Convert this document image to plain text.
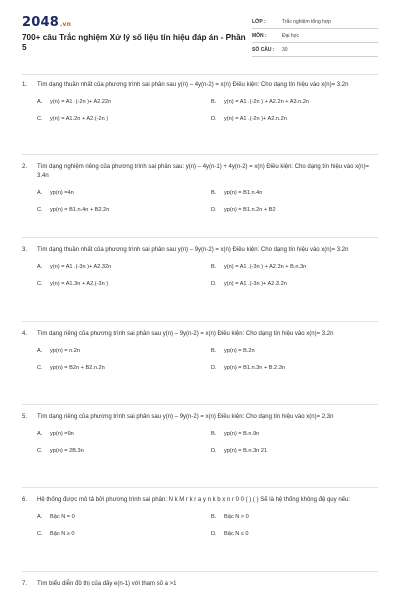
2048.vn
700+ câu Trắc nghiệm Xử lý số liệu tín hiệu đáp án - Phần 5
LỚP :	Trắc nghiệm tổng hợp
MÔN :	Đại học
SỐ CÂU :	30
1.	Tìm dạng thuần nhất của phương trình sai phân sau y(n) – 4y(n-2) = x(n) Điều kiện: Cho dạng tín hiệu vào x(n)= 3.2n
A.	y(n) = A1 .(-2n )+ A2.22n	B.	y(n) = A1 .(-2n ) + A2.2n + A3.n.2n
C.	y(n) = A1.2n + A2.(-2n )	D.	y(n) = A1 .(-2n )+ A2.n.2n
2.	Tìm dạng nghiệm riêng của phương trình sai phân sau: y(n) – 4y(n-1) + 4y(n-2) = x(n) Điều kiện: Cho dạng tín hiệu vào x(n)= 3.4n
A.	yp(n) =4n	B.	yp(n) = B1.n.4n
C.	yp(n) = B1.n.4n + B2.2n	D.	yp(n) = B1.n.2n + B2
3.	Tìm dạng thuần nhất của phương trình sai phân sau y(n) – 9y(n-2) = x(n) Điều kiện: Cho dạng tín hiệu vào x(n)= 3.2n
A.	y(n) = A1 .(-3n )+ A2.32n	B.	y(n) = A1 .(-3n ) + A2.3n + B.n.3n
C.	y(n) = A1.3n + A2.(-3n )	D.	y(n) = A1 .(-3n )+ A2.3.2n
4.	Tìm dạng riêng của phương trình sai phân sau y(n) – 9y(n-2) = x(n) Điều kiện: Cho dạng tín hiệu vào x(n)= 3.2n
A.	yp(n) = n.2n	B.	yp(n) = B.2n
C.	yp(n) = B2n + B2.n.2n	D.	yp(n) = B1.n.3n + B.2.3n
5.	Tìm dạng riêng của phương trình sai phân sau y(n) – 9y(n-2) = x(n) Điều kiện: Cho dạng tín hiệu vào x(n)= 2.3n
A.	yp(n) =9n	B.	yp(n) = B.n.9n
C.	yp(n) = 2B.3n	D.	yp(n) = B.n.3n 21
6.	Hệ thống được mô tả bởi phương trình sai phân: N k M r k r a y n k b x n r 0 0 ( ) ( ) Sẽ là hệ thống không đệ quy nếu:
A.	Bậc N = 0	B.	Bậc N > 0
C.	Bậc N ≥ 0	D.	Bậc N ≤ 0
7.	Tìm biểu diễn đồ thị của dãy e(n-1) với tham số a >1
